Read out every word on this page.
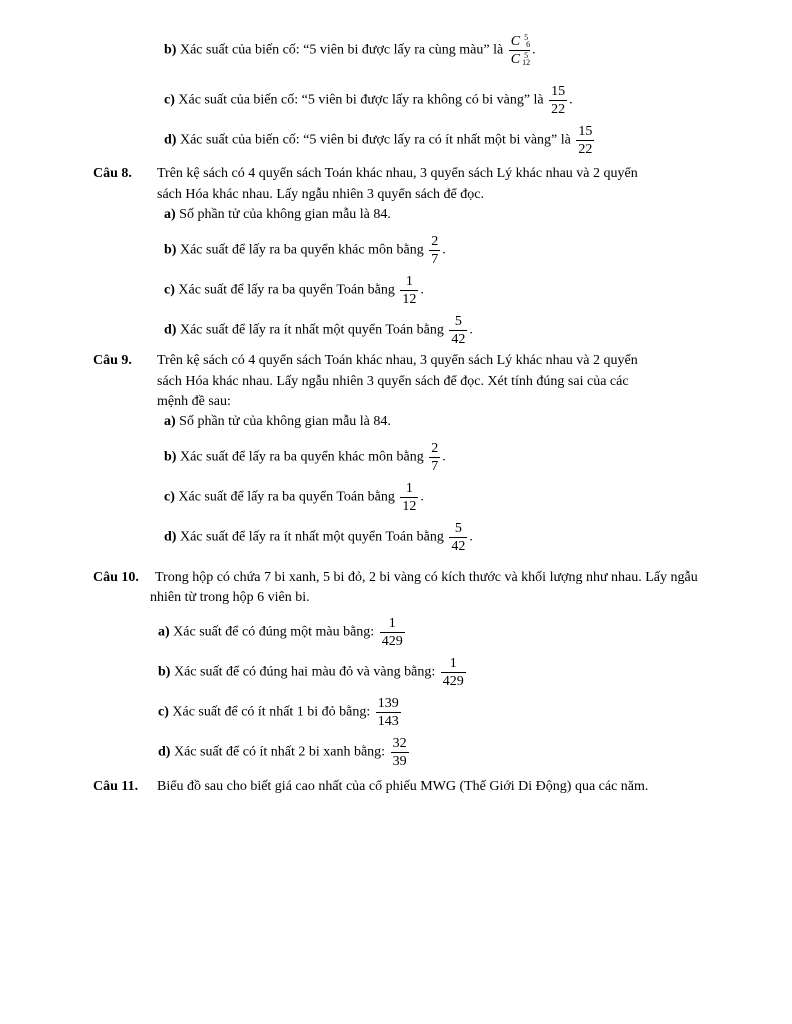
b) Xác suất của biến cố: “5 viên bi được lấy ra cùng màu” là C 5
6
C 5
12 .
c) Xác suất của biến cố: “5 viên bi được lấy ra không có bi vàng” là $\frac{15}{22}$ .
d) Xác suất của biến cố: “5 viên bi được lấy ra có ít nhất một bi vàng” là $\frac{15}{22}$
Câu 8. Trên kệ sách có 4 quyển sách Toán khác nhau, 3 quyển sách Lý khác nhau và 2 quyển
sách Hóa khác nhau. Lấy ngẫu nhiên 3 quyển sách để đọc.
a) Số phần tử của không gian mẫu là 84.
b) Xác suất để lấy ra ba quyển khác môn bằng $\frac{2}{7}$ .
c) Xác suất để lấy ra ba quyển Toán bằng $\frac{1}{12}$ .
d) Xác suất để lấy ra ít nhất một quyển Toán bằng $\frac{5}{42}$ .
Câu 9. Trên kệ sách có 4 quyển sách Toán khác nhau, 3 quyển sách Lý khác nhau và 2 quyển
sách Hóa khác nhau. Lấy ngẫu nhiên 3 quyển sách để đọc. Xét tính đúng sai của các
mệnh đề sau:
a) Số phần tử của không gian mẫu là 84.
b) Xác suất để lấy ra ba quyển khác môn bằng $\frac{2}{7}$ .
c) Xác suất để lấy ra ba quyển Toán bằng $\frac{1}{12}$ .
d) Xác suất để lấy ra ít nhất một quyển Toán bằng $\frac{5}{42}$ .
Câu 10. Trong hộp có chứa 7 bi xanh, 5 bi đỏ, 2 bi vàng có kích thước và khối lượng như nhau. Lấy ngẫu
nhiên từ trong hộp 6 viên bi.
a) Xác suất để có đúng một màu bằng: $\frac{1}{429}$
b) Xác suất để có đúng hai màu đỏ và vàng bằng: $\frac{1}{429}$
c) Xác suất để có ít nhất 1 bi đỏ bằng: $\frac{139}{143}$
d) Xác suất để có ít nhất 2 bi xanh bằng: $\frac{32}{39}$
Câu 11. Biểu đồ sau cho biết giá cao nhất của cổ phiếu MWG (Thế Giới Di Động) qua các năm.
